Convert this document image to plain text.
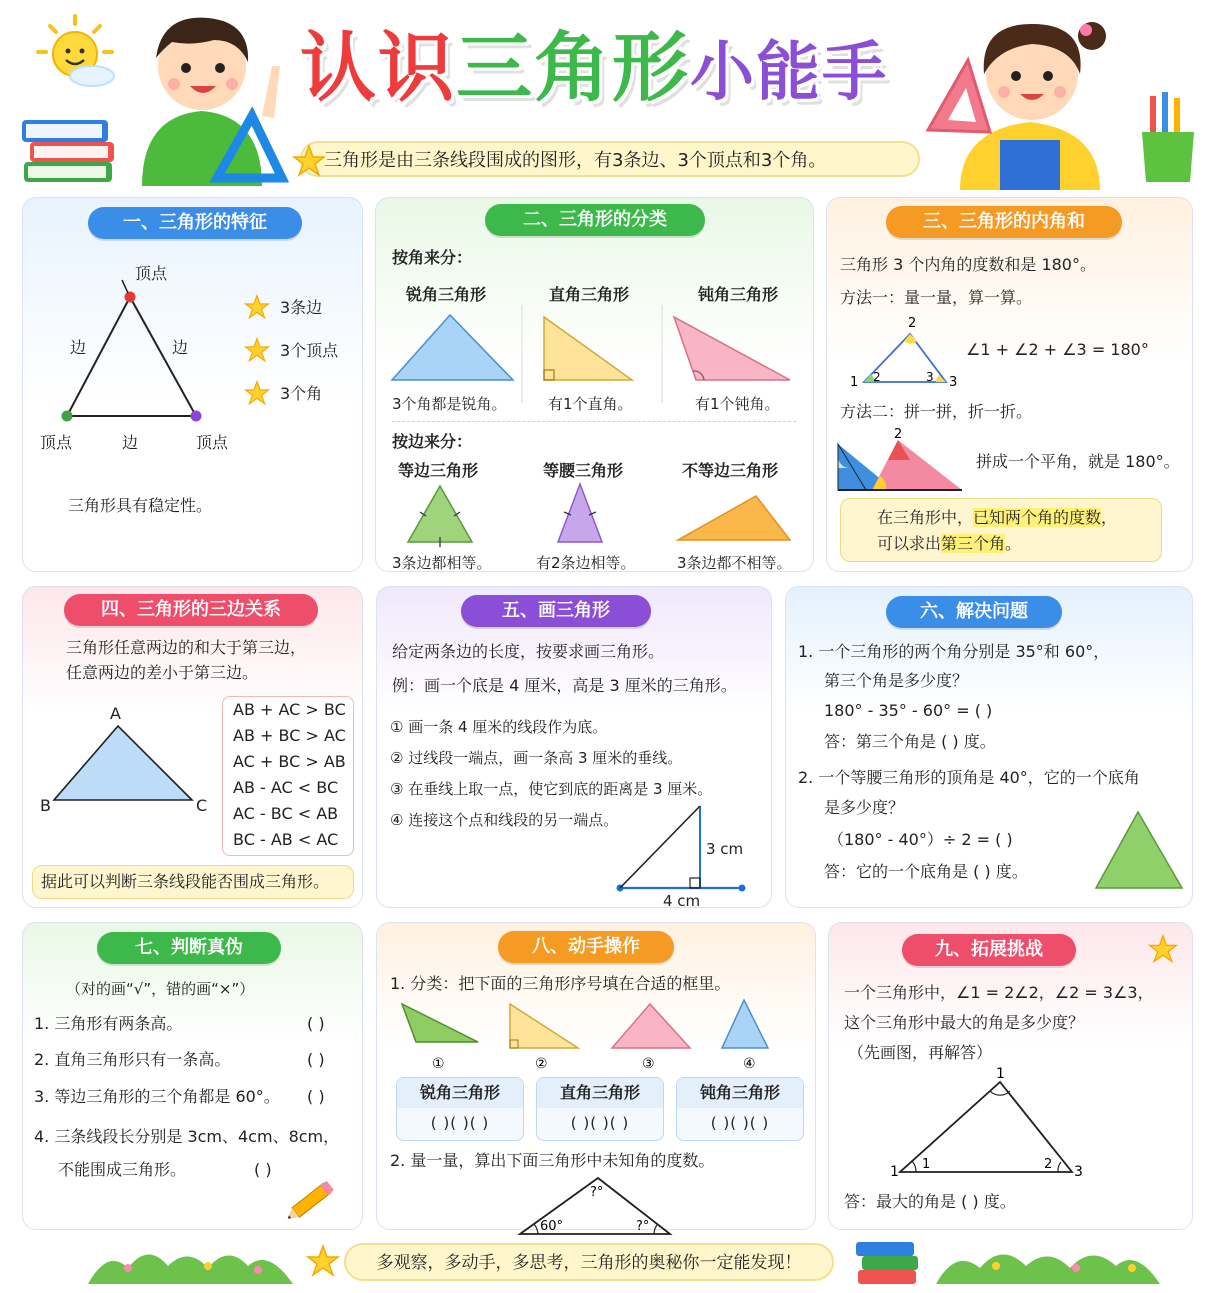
认识三角形小能手
三角形是由三条线段围成的图形，有3条边、3个顶点和3个角。
一、三角形的特征
顶点
边	边
顶点	边	顶点
3条边
3个顶点
3个角
三角形具有稳定性。
二、三角形的分类
按角来分：
锐角三角形	直角三角形	钝角三角形
3个角都是锐角。	有1个直角。	有1个钝角。
按边来分：
等边三角形	等腰三角形	不等边三角形
3条边都相等。	有2条边相等。	3条边都不相等。
三、三角形的内角和
三角形 3 个内角的度数和是 180°。
方法一：量一量，算一算。
2
1 2	3 3
∠1 + ∠2 + ∠3 = 180°
方法二：拼一拼，折一折。
2
拼成一个平角，就是 180°。
在三角形中，已知两个角的度数，
可以求出第三个角。
四、三角形的三边关系
三角形任意两边的和大于第三边，
任意两边的差小于第三边。
A
B	C
AB + AC > BC
AB + BC > AC
AC + BC > AB
AB - AC < BC
AC - BC < AB
BC - AB < AC
据此可以判断三条线段能否围成三角形。
五、画三角形
给定两条边的长度，按要求画三角形。
例：画一个底是 4 厘米，高是 3 厘米的三角形。
① 画一条 4 厘米的线段作为底。
② 过线段一端点，画一条高 3 厘米的垂线。
③ 在垂线上取一点，使它到底的距离是 3 厘米。
④ 连接这个点和线段的另一端点。
3 cm
4 cm
六、解决问题
1. 一个三角形的两个角分别是 35°和 60°，
第三个角是多少度？
180° - 35° - 60° = ( )
答：第三个角是 ( ) 度。
2. 一个等腰三角形的顶角是 40°，它的一个底角
是多少度？
（180° - 40°）÷ 2 = ( )
答：它的一个底角是 ( ) 度。
七、判断真伪
（对的画“√”，错的画“×”）
1. 三角形有两条高。	( )
2. 直角三角形只有一条高。	( )
3. 等边三角形的三个角都是 60°。 ( )
4. 三条线段长分别是 3cm、4cm、8cm，
不能围成三角形。	( )
八、动手操作
1. 分类：把下面的三角形序号填在合适的框里。
①	②	③	④
锐角三角形
( )( )( )
直角三角形
( )( )( )
钝角三角形
( )( )( )
2. 量一量，算出下面三角形中未知角的度数。
?°
60°	?°
九、拓展挑战
一个三角形中，∠1 = 2∠2，∠2 = 3∠3，
这个三角形中最大的角是多少度？
（先画图，再解答）
1
1 1	2 3
答：最大的角是 ( ) 度。
多观察，多动手，多思考，三角形的奥秘你一定能发现！
